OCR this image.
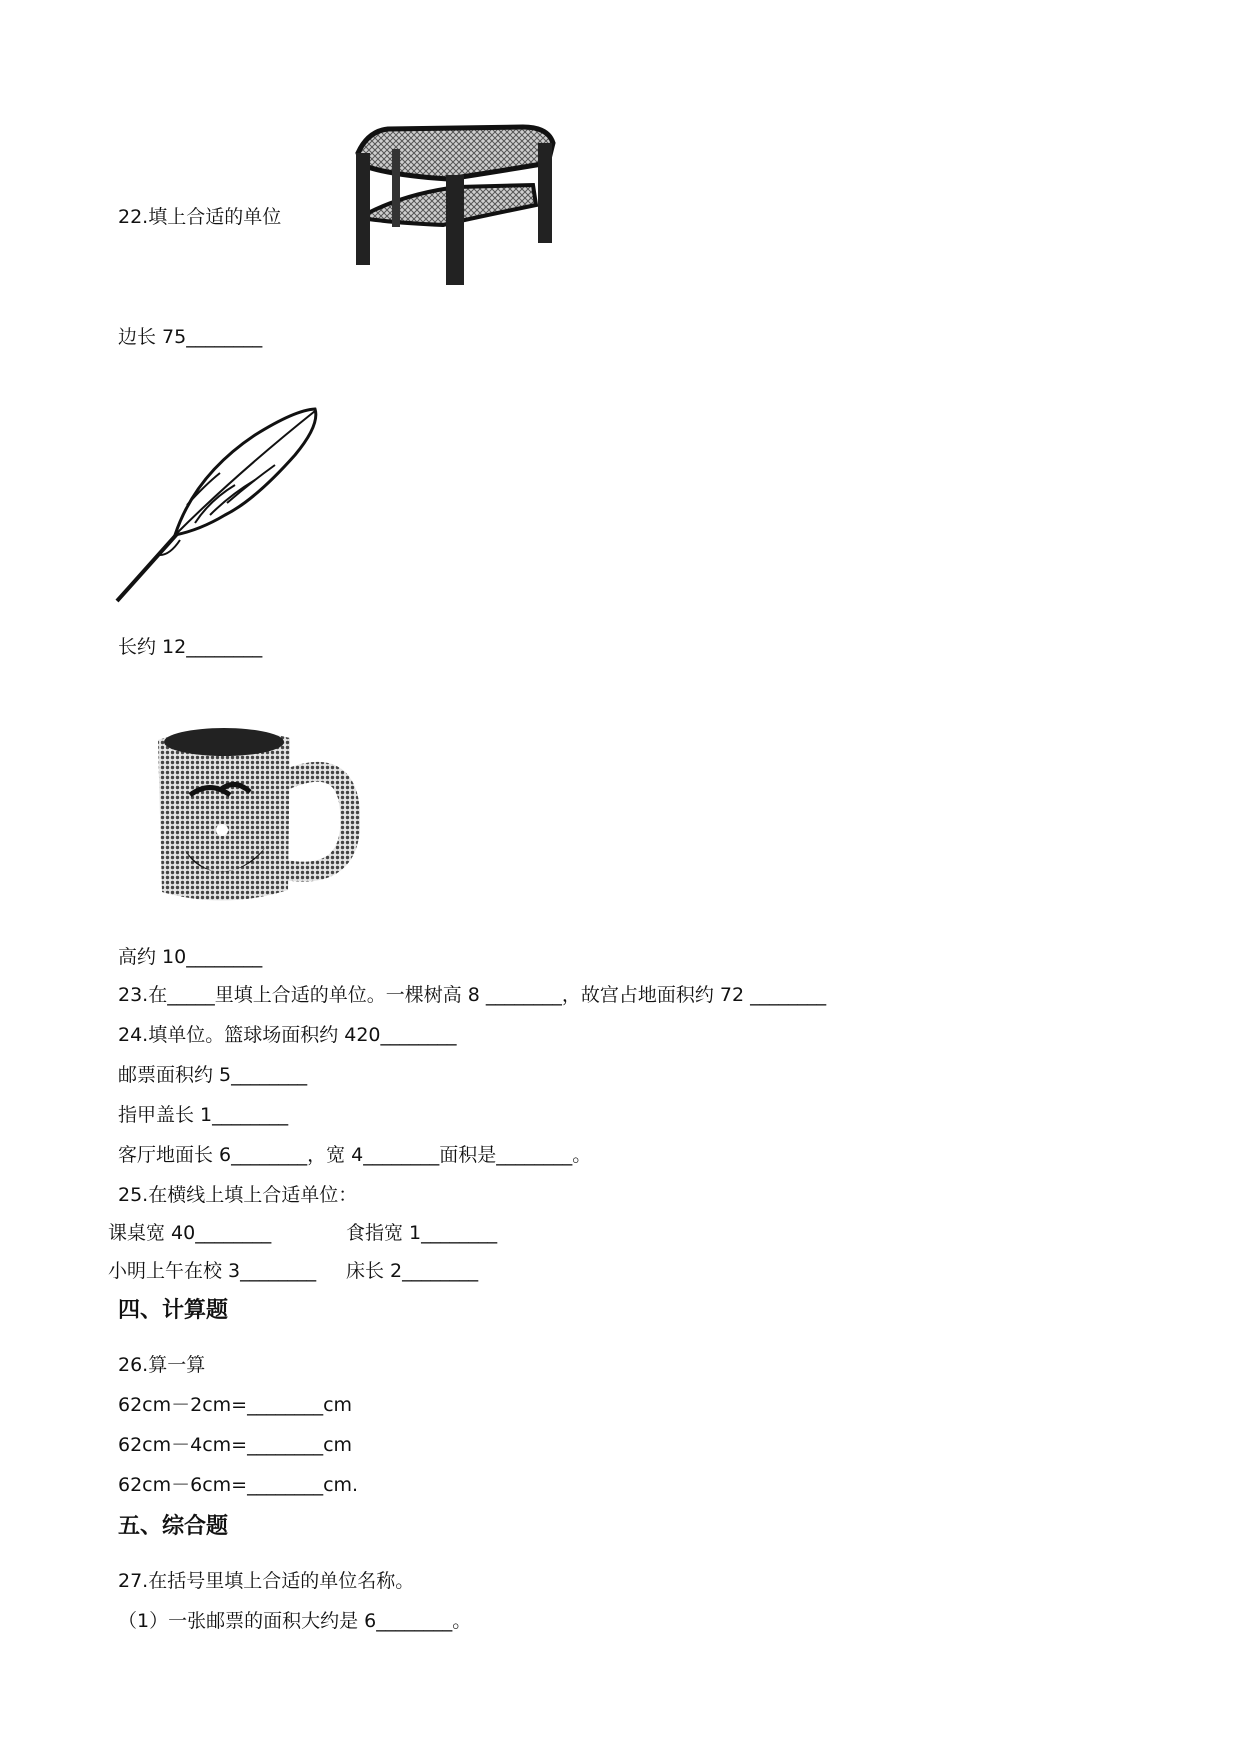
22.填上合适的单位
边长 75________
长约 12________
高约 10________
23.在_____里填上合适的单位。一棵树高 8 ________，故宫占地面积约 72 ________
24.填单位。篮球场面积约 420________
邮票面积约 5________
指甲盖长 1________
客厅地面长 6________，宽 4________面积是________。
25.在横线上填上合适单位：
课桌宽 40________	食指宽 1________
小明上午在校 3________ 床长 2________
四、计算题
26.算一算
62cm－2cm=________cm
62cm－4cm=________cm
62cm－6cm=________cm.
五、综合题
27.在括号里填上合适的单位名称。
（1）一张邮票的面积大约是 6________。
